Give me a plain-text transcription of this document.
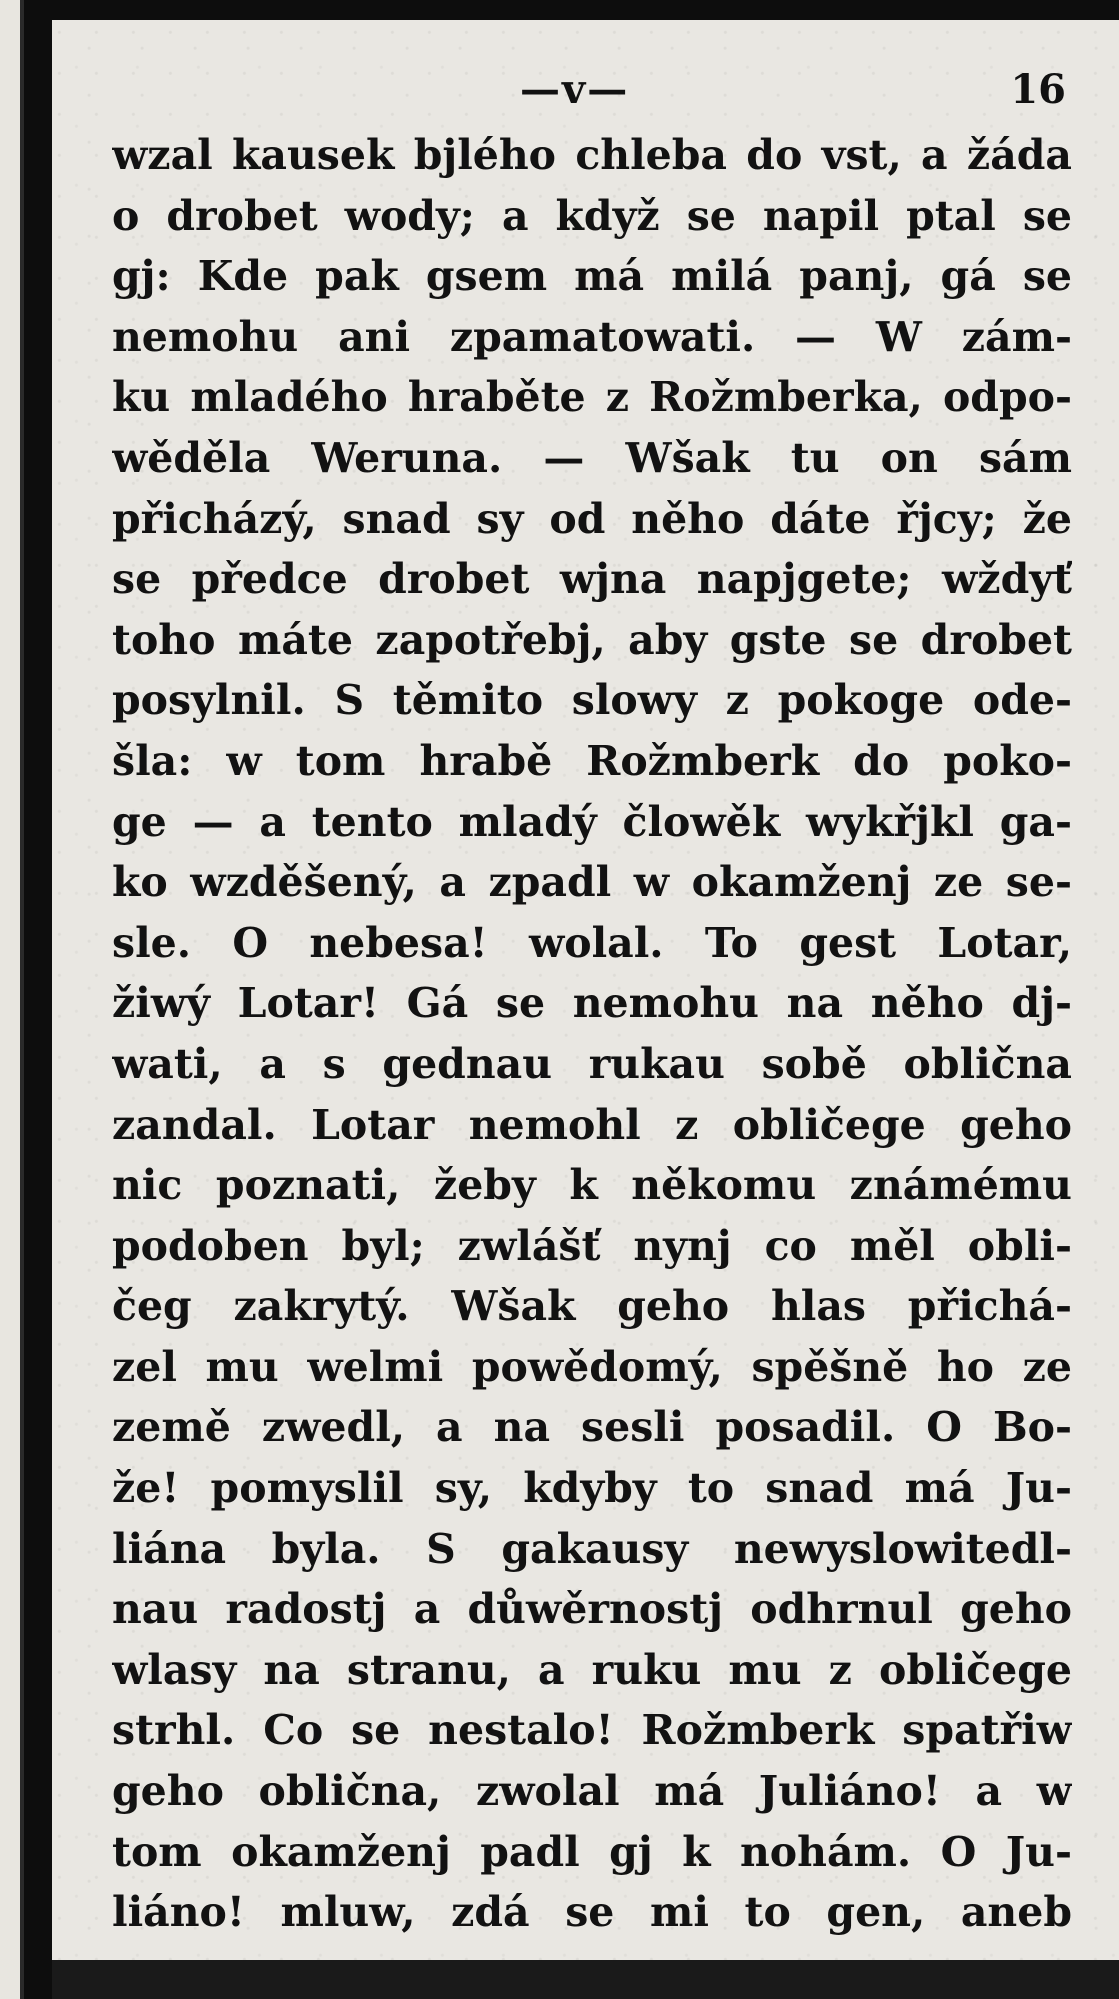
—v—	16
wzal kausek bjlého chleba do vst, a žáda
o drobet wody; a když se napil ptal se
gj: Kde pak gsem má milá panj, gá se
nemohu ani zpamatowati. — W zám-
ku mladého hraběte z Rožmberka, odpo-
wěděla Weruna. — Wšak tu on sám
přicházý, snad sy od něho dáte řjcy; že
se předce drobet wjna napjgete; wždyť
toho máte zapotřebj, aby gste se drobet
posylnil. S těmito slowy z pokoge ode-
šla: w tom hrabě Rožmberk do poko-
ge — a tento mladý člowěk wykřjkl ga-
ko wzděšený, a zpadl w okamženj ze se-
sle. O nebesa! wolal. To gest Lotar,
žiwý Lotar! Gá se nemohu na něho dj-
wati, a s gednau rukau sobě oblična
zandal. Lotar nemohl z obličege geho
nic poznati, žeby k někomu známému
podoben byl; zwlášť nynj co měl obli-
čeg zakrytý. Wšak geho hlas přichá-
zel mu welmi powědomý, spěšně ho ze
země zwedl, a na sesli posadil. O Bo-
že! pomyslil sy, kdyby to snad má Ju-
liána byla. S gakausy newyslowitedl-
nau radostj a důwěrnostj odhrnul geho
wlasy na stranu, a ruku mu z obličege
strhl. Co se nestalo! Rožmberk spatřiw
geho oblična, zwolal má Juliáno! a w
tom okamženj padl gj k nohám. O Ju-
liáno! mluw, zdá se mi to gen, aneb
